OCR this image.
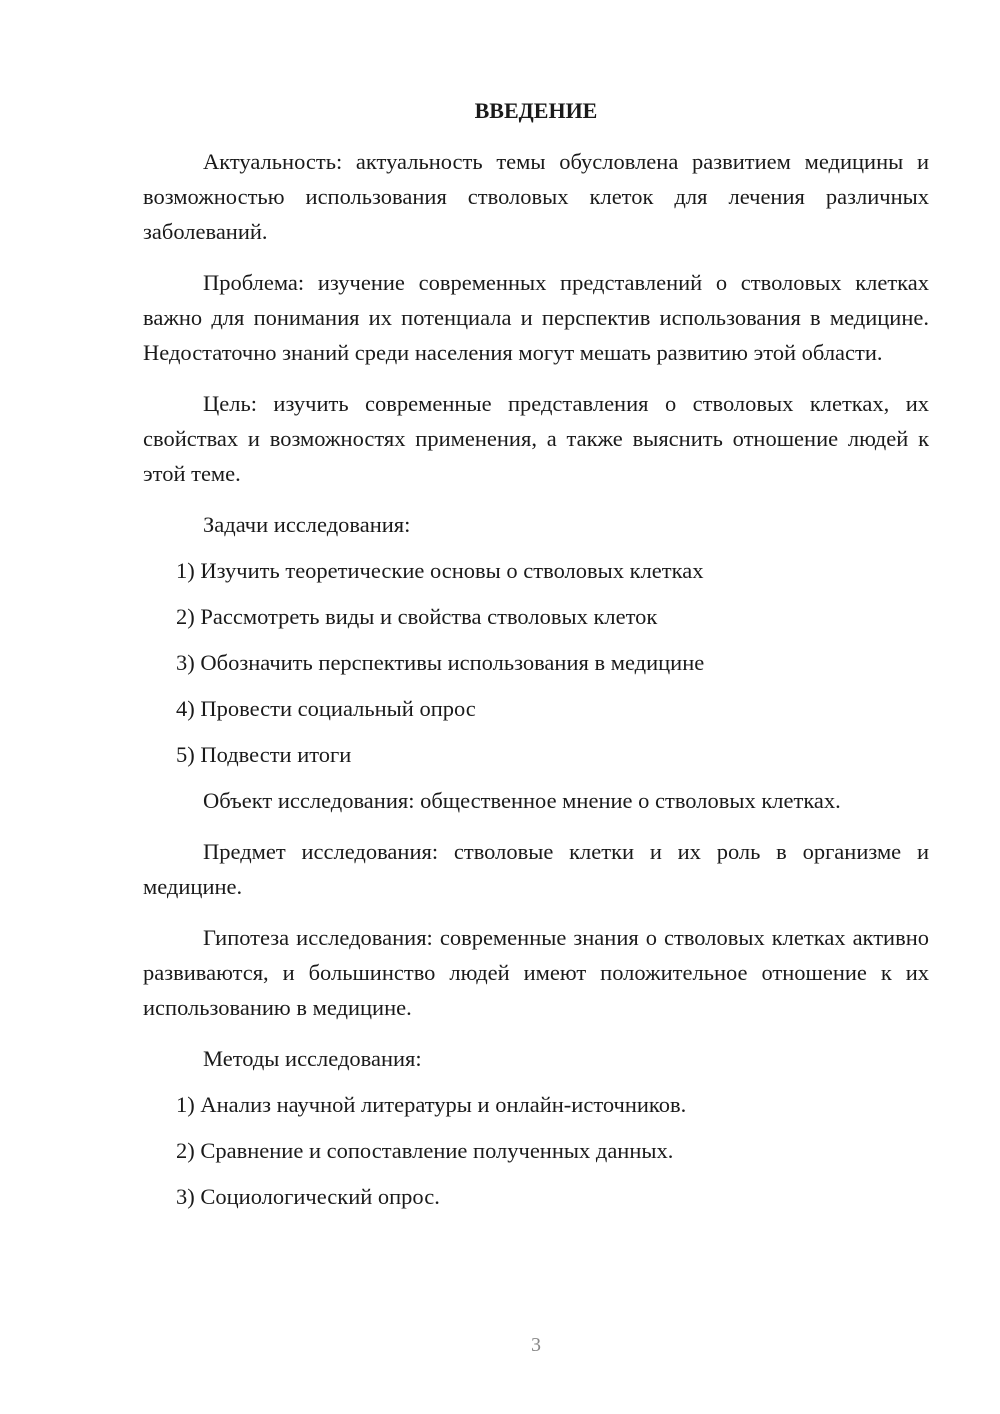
ВВЕДЕНИЕ
Актуальность: актуальность темы обусловлена развитием медицины и возможностью использования стволовых клеток для лечения различных заболеваний.
Проблема: изучение современных представлений о стволовых клетках важно для понимания их потенциала и перспектив использования в медицине. Недостаточно знаний среди населения могут мешать развитию этой области.
Цель: изучить современные представления о стволовых клетках, их свойствах и возможностях применения, а также выяснить отношение людей к этой теме.
Задачи исследования:
1) Изучить теоретические основы о стволовых клетках
2) Рассмотреть виды и свойства стволовых клеток
3) Обозначить перспективы использования в медицине
4) Провести социальный опрос
5) Подвести итоги
Объект исследования: общественное мнение о стволовых клетках.
Предмет исследования: стволовые клетки и их роль в организме и медицине.
Гипотеза исследования: современные знания о стволовых клетках активно развиваются, и большинство людей имеют положительное отношение к их использованию в медицине.
Методы исследования:
1) Анализ научной литературы и онлайн-источников.
2) Сравнение и сопоставление полученных данных.
3) Социологический опрос.
3
